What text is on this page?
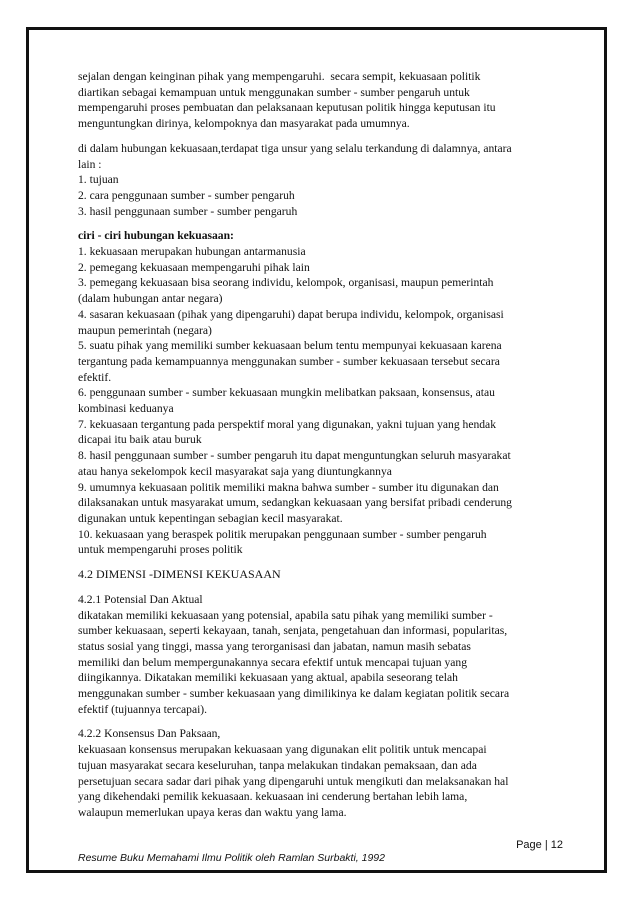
sejalan dengan keinginan pihak yang mempengaruhi.  secara sempit, kekuasaan politik
diartikan sebagai kemampuan untuk menggunakan sumber - sumber pengaruh untuk
mempengaruhi proses pembuatan dan pelaksanaan keputusan politik hingga keputusan itu
menguntungkan dirinya, kelompoknya dan masyarakat pada umumnya.
di dalam hubungan kekuasaan,terdapat tiga unsur yang selalu terkandung di dalamnya, antara
lain :
1. tujuan
2. cara penggunaan sumber - sumber pengaruh
3. hasil penggunaan sumber - sumber pengaruh
ciri - ciri hubungan kekuasaan:
1. kekuasaan merupakan hubungan antarmanusia
2. pemegang kekuasaan mempengaruhi pihak lain
3. pemegang kekuasaan bisa seorang individu, kelompok, organisasi, maupun pemerintah
(dalam hubungan antar negara)
4. sasaran kekuasaan (pihak yang dipengaruhi) dapat berupa individu, kelompok, organisasi
maupun pemerintah (negara)
5. suatu pihak yang memiliki sumber kekuasaan belum tentu mempunyai kekuasaan karena
tergantung pada kemampuannya menggunakan sumber - sumber kekuasaan tersebut secara
efektif.
6. penggunaan sumber - sumber kekuasaan mungkin melibatkan paksaan, konsensus, atau
kombinasi keduanya
7. kekuasaan tergantung pada perspektif moral yang digunakan, yakni tujuan yang hendak
dicapai itu baik atau buruk
8. hasil penggunaan sumber - sumber pengaruh itu dapat menguntungkan seluruh masyarakat
atau hanya sekelompok kecil masyarakat saja yang diuntungkannya
9. umumnya kekuasaan politik memiliki makna bahwa sumber - sumber itu digunakan dan
dilaksanakan untuk masyarakat umum, sedangkan kekuasaan yang bersifat pribadi cenderung
digunakan untuk kepentingan sebagian kecil masyarakat.
10. kekuasaan yang beraspek politik merupakan penggunaan sumber - sumber pengaruh
untuk mempengaruhi proses politik
4.2 DIMENSI -DIMENSI KEKUASAAN
4.2.1 Potensial Dan Aktual
dikatakan memiliki kekuasaan yang potensial, apabila satu pihak yang memiliki sumber -
sumber kekuasaan, seperti kekayaan, tanah, senjata, pengetahuan dan informasi, popularitas,
status sosial yang tinggi, massa yang terorganisasi dan jabatan, namun masih sebatas
memiliki dan belum mempergunakannya secara efektif untuk mencapai tujuan yang
diingikannya. Dikatakan memiliki kekuasaan yang aktual, apabila seseorang telah
menggunakan sumber - sumber kekuasaan yang dimilikinya ke dalam kegiatan politik secara
efektif (tujuannya tercapai).
4.2.2 Konsensus Dan Paksaan,
kekuasaan konsensus merupakan kekuasaan yang digunakan elit politik untuk mencapai
tujuan masyarakat secara keseluruhan, tanpa melakukan tindakan pemaksaan, dan ada
persetujuan secara sadar dari pihak yang dipengaruhi untuk mengikuti dan melaksanakan hal
yang dikehendaki pemilik kekuasaan. kekuasaan ini cenderung bertahan lebih lama,
walaupun memerlukan upaya keras dan waktu yang lama.
Page | 12
Resume Buku Memahami Ilmu Politik oleh Ramlan Surbakti, 1992
